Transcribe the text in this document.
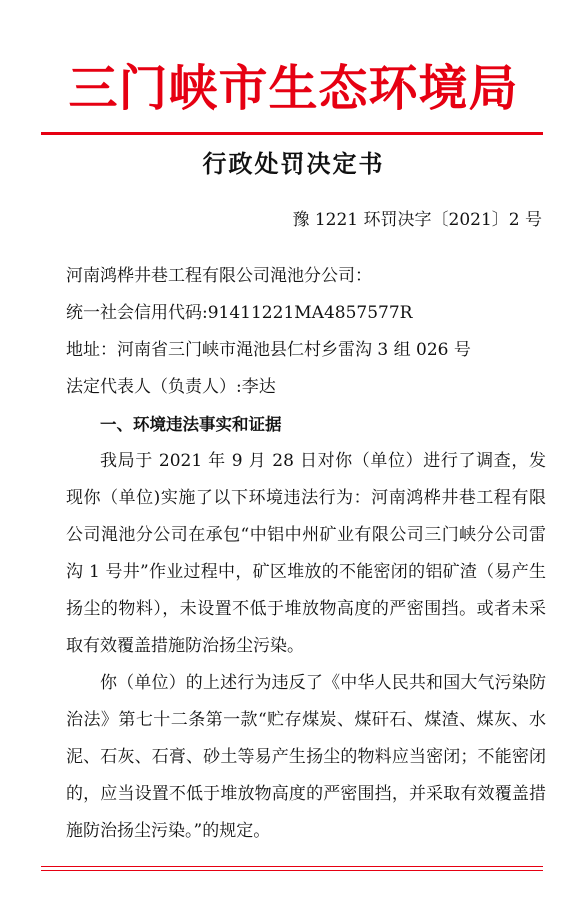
三门峡市生态环境局
行政处罚决定书
豫 1221 环罚决字〔2021〕2 号
河南鸿桦井巷工程有限公司渑池分公司：
统一社会信用代码:91411221MA4857577R
地址：河南省三门峡市渑池县仁村乡雷沟 3 组 026 号
法定代表人（负责人）:李达
一、环境违法事实和证据

我局于 2021 年 9 月 28 日对你（单位）进行了调查，发现你（单位)实施了以下环境违法行为：河南鸿桦井巷工程有限公司渑池分公司在承包“中铝中州矿业有限公司三门峡分公司雷沟 1 号井”作业过程中，矿区堆放的不能密闭的铝矿渣（易产生扬尘的物料），未设置不低于堆放物高度的严密围挡。或者未采取有效覆盖措施防治扬尘污染。

你（单位）的上述行为违反了《中华人民共和国大气污染防治法》第七十二条第一款“贮存煤炭、煤矸石、煤渣、煤灰、水泥、石灰、石膏、砂土等易产生扬尘的物料应当密闭；不能密闭的，应当设置不低于堆放物高度的严密围挡，并采取有效覆盖措施防治扬尘污染。”的规定。
